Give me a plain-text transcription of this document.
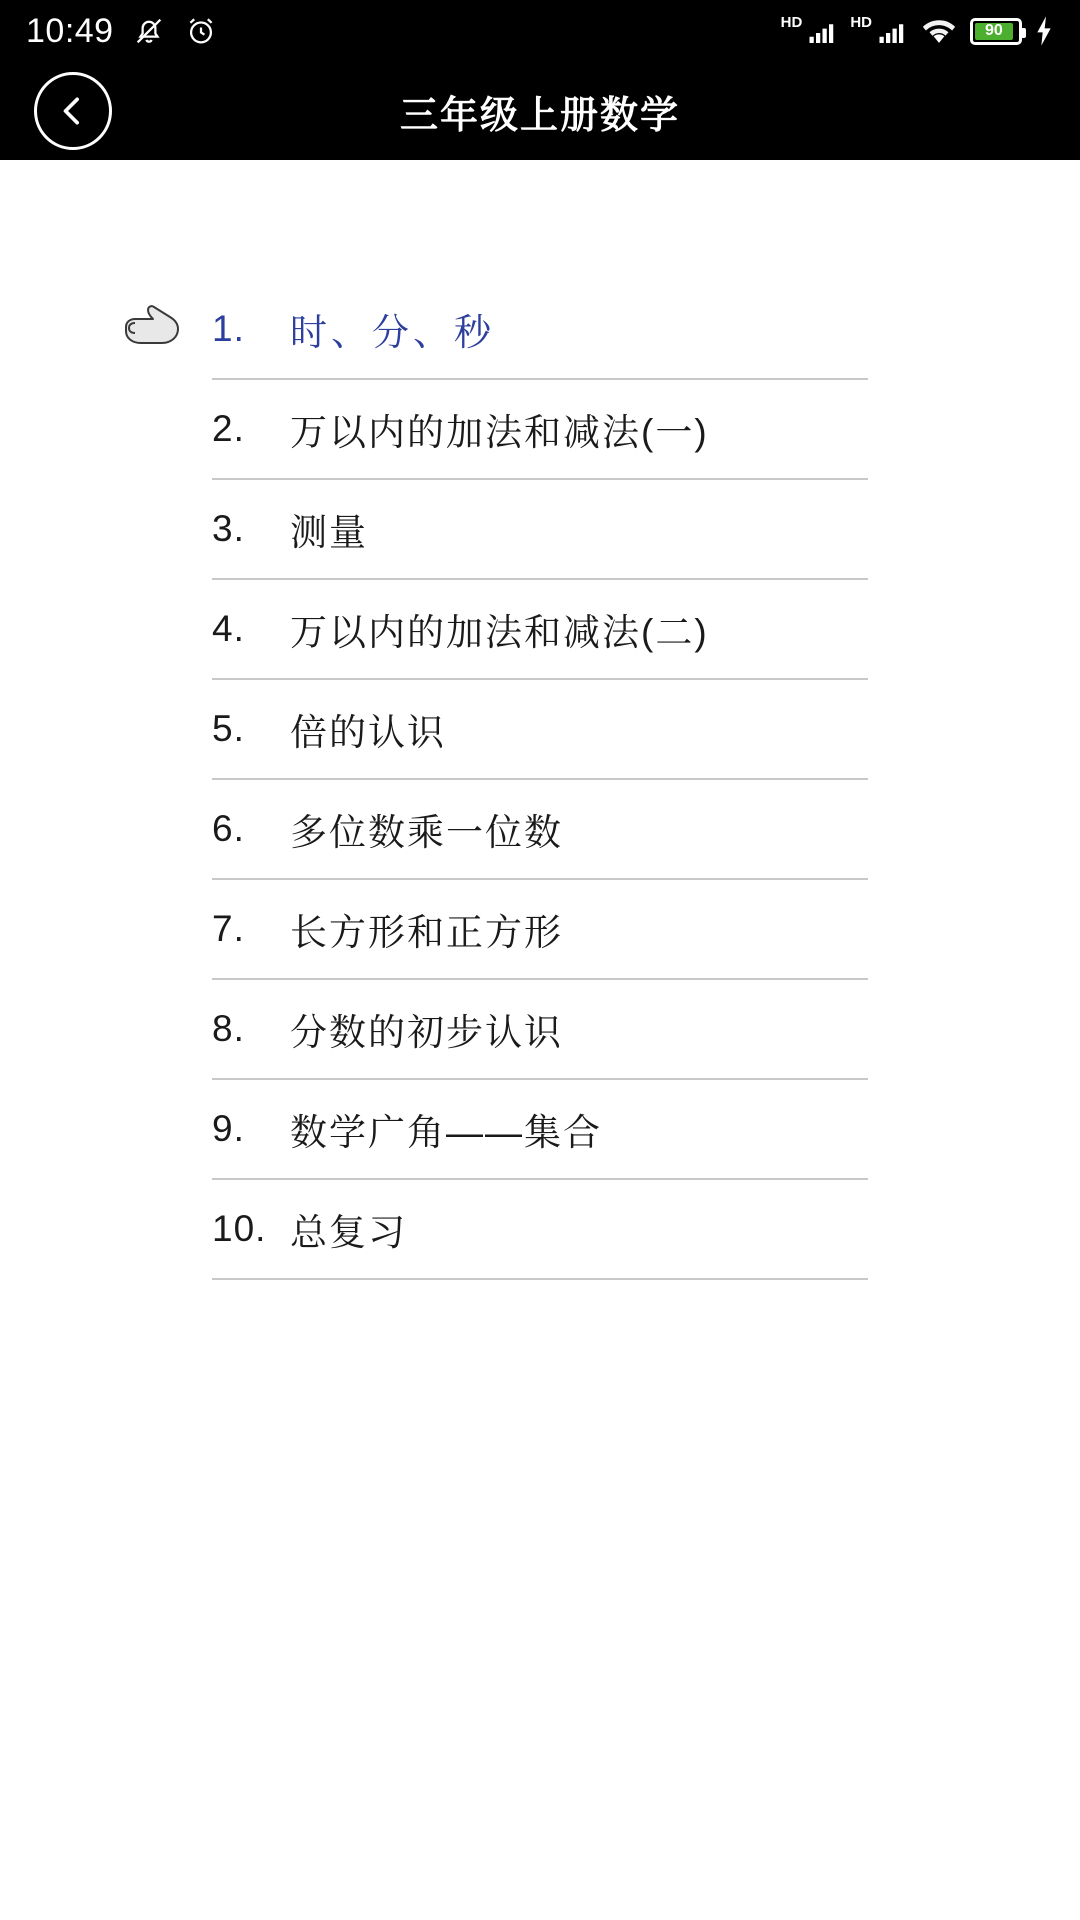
10:49	HD	HD	90
三年级上册数学
1.	时、分、秒
2.	万以内的加法和减法(一)
3.	测量
4.	万以内的加法和减法(二)
5.	倍的认识
6.	多位数乘一位数
7.	长方形和正方形
8.	分数的初步认识
9.	数学广角——集合
10. 总复习
